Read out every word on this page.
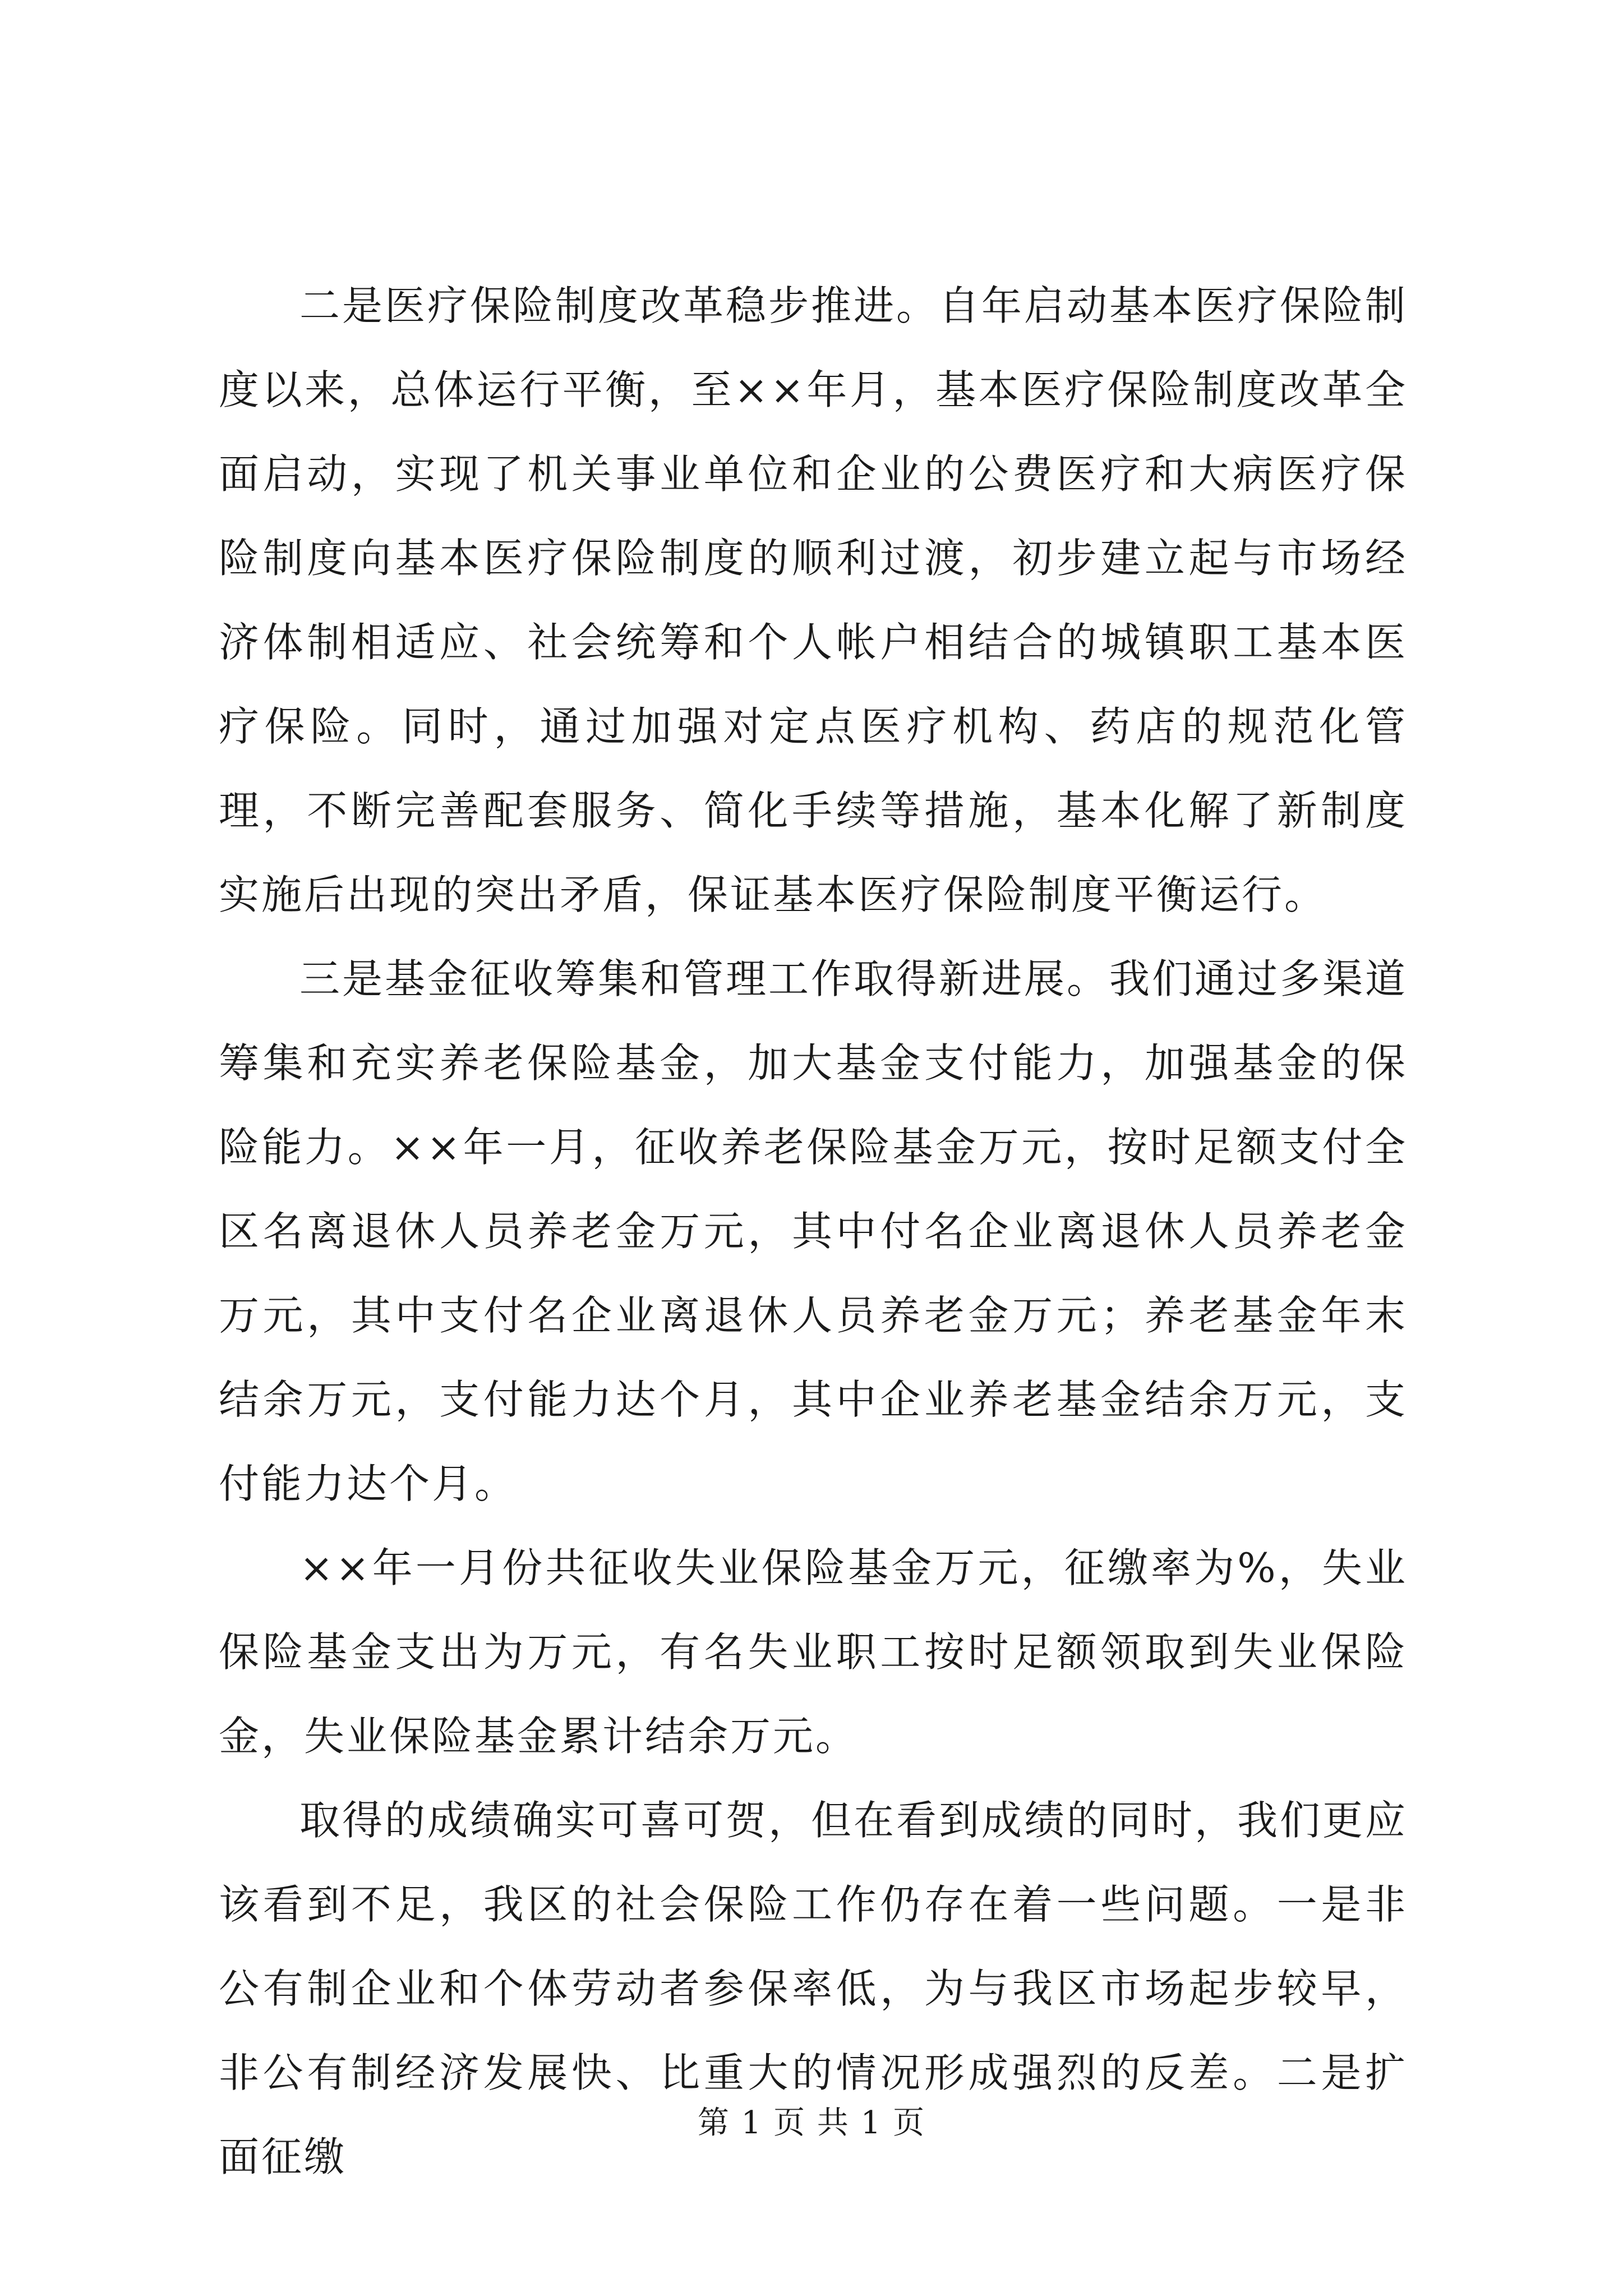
二是医疗保险制度改革稳步推进。自年启动基本医疗保险制度以来，总体运行平衡，至××年月，基本医疗保险制度改革全面启动，实现了机关事业单位和企业的公费医疗和大病医疗保险制度向基本医疗保险制度的顺利过渡，初步建立起与市场经济体制相适应、社会统筹和个人帐户相结合的城镇职工基本医疗保险。同时，通过加强对定点医疗机构、药店的规范化管理，不断完善配套服务、简化手续等措施，基本化解了新制度实施后出现的突出矛盾，保证基本医疗保险制度平衡运行。

三是基金征收筹集和管理工作取得新进展。我们通过多渠道筹集和充实养老保险基金，加大基金支付能力，加强基金的保险能力。××年一月，征收养老保险基金万元，按时足额支付全区名离退休人员养老金万元，其中付名企业离退休人员养老金万元，其中支付名企业离退休人员养老金万元；养老基金年末结余万元，支付能力达个月，其中企业养老基金结余万元，支付能力达个月。

××年一月份共征收失业保险基金万元，征缴率为%，失业保险基金支出为万元，有名失业职工按时足额领取到失业保险金，失业保险基金累计结余万元。

取得的成绩确实可喜可贺，但在看到成绩的同时，我们更应该看到不足，我区的社会保险工作仍存在着一些问题。一是非公有制企业和个体劳动者参保率低，为与我区市场起步较早，非公有制经济发展快、比重大的情况形成强烈的反差。二是扩面征缴

第 1 页 共 1 页
